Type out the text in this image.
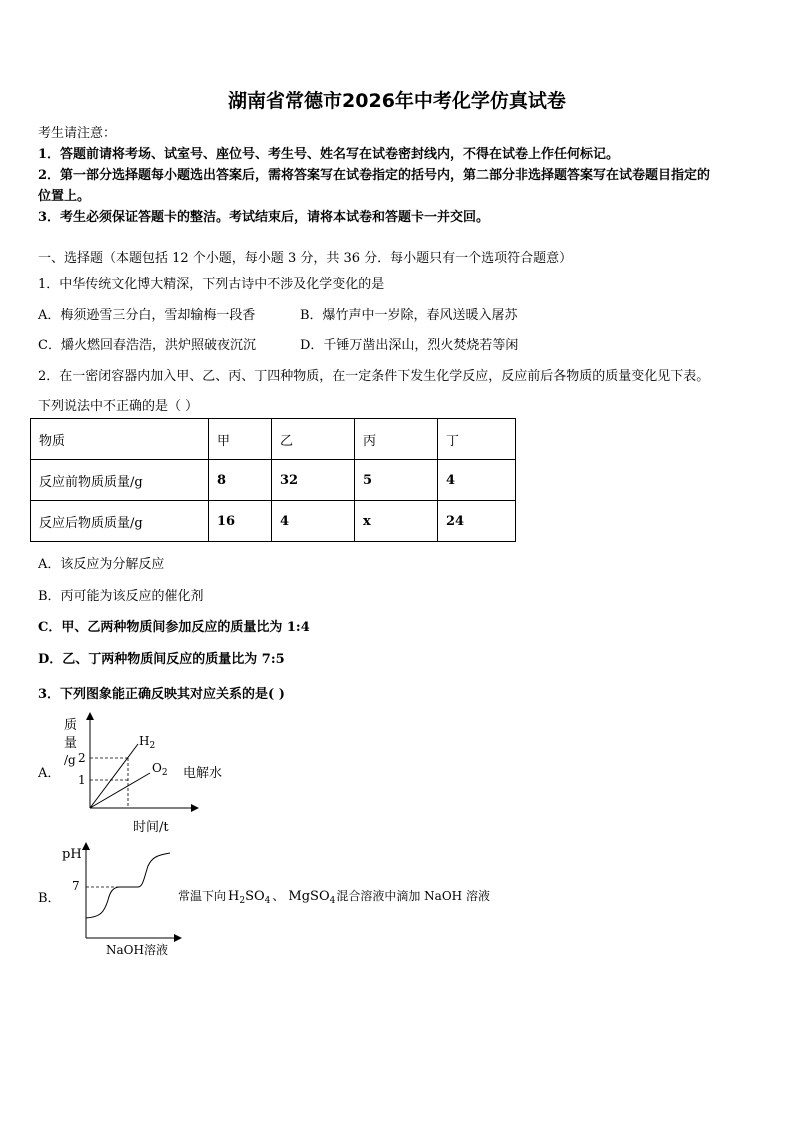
湖南省常德市2026年中考化学仿真试卷
考生请注意：
1．答题前请将考场、试室号、座位号、考生号、姓名写在试卷密封线内，不得在试卷上作任何标记。
2．第一部分选择题每小题选出答案后，需将答案写在试卷指定的括号内，第二部分非选择题答案写在试卷题目指定的
位置上。
3．考生必须保证答题卡的整洁。考试结束后，请将本试卷和答题卡一并交回。
一、选择题（本题包括 12 个小题，每小题 3 分，共 36 分．每小题只有一个选项符合题意）
1．中华传统文化博大精深，下列古诗中不涉及化学变化的是
A．梅须逊雪三分白，雪却输梅一段香	B．爆竹声中一岁除，春风送暖入屠苏
C．爝火燃回春浩浩，洪炉照破夜沉沉	D．千锤万凿出深山，烈火焚烧若等闲
2．在一密闭容器内加入甲、乙、丙、丁四种物质，在一定条件下发生化学反应，反应前后各物质的质量变化见下表。
下列说法中不正确的是（ ）
物质	甲	乙	丙	丁
反应前物质质量/g	8	32	5	4
反应后物质质量/g	16	4	x	24
A．该反应为分解反应
B．丙可能为该反应的催化剂
C．甲、乙两种物质间参加反应的质量比为 1:4
D．乙、丁两种物质间反应的质量比为 7:5
3．下列图象能正确反映其对应关系的是( )
A．
质
量
/g 2
1
$H_2$
$O_2$ 电解水
时间/t
B．
pH
7
常温下向 $H_2SO_4$ 、 MgSO$_4$混合溶液中滴加 NaOH 溶液
NaOH溶液
